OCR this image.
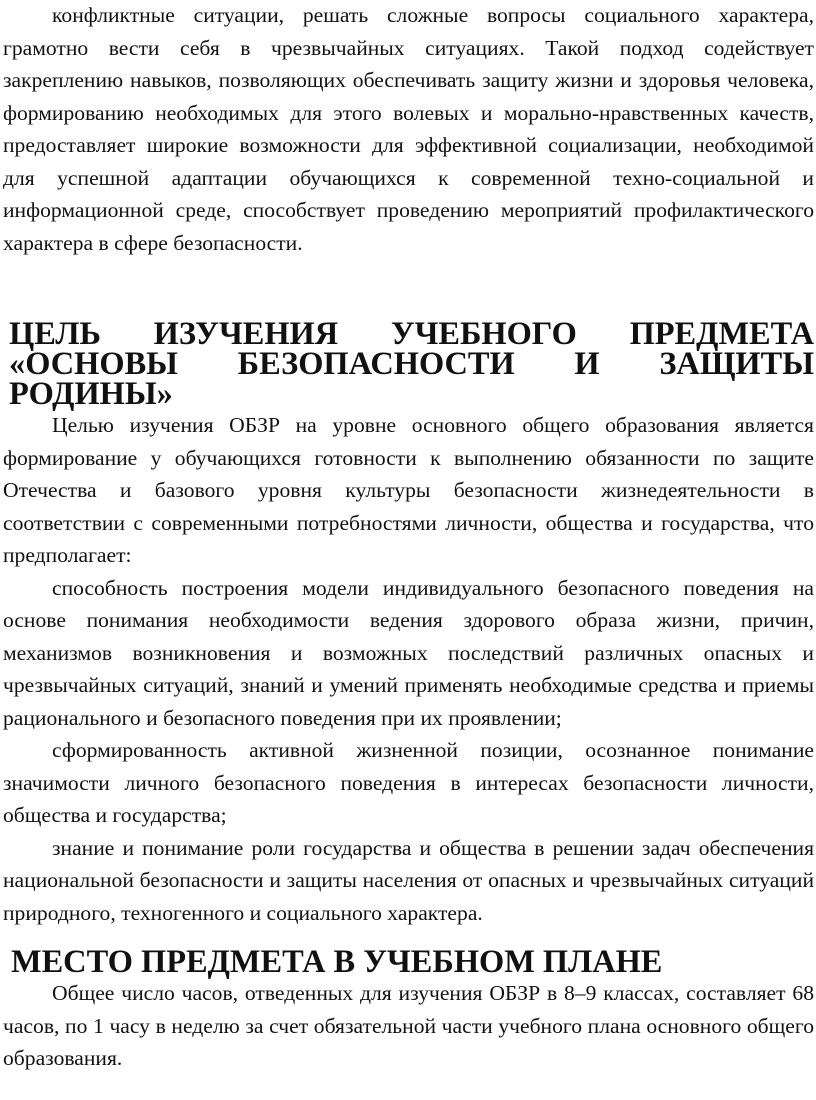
конфликтные ситуации, решать сложные вопросы социального характера, грамотно вести себя в чрезвычайных ситуациях. Такой подход содействует закреплению навыков, позволяющих обеспечивать защиту жизни и здоровья человека, формированию необходимых для этого волевых и морально-нравственных качеств, предоставляет широкие возможности для эффективной социализации, необходимой для успешной адаптации обучающихся к современной техно-социальной и информационной среде, способствует проведению мероприятий профилактического характера в сфере безопасности.

ЦЕЛЬ ИЗУЧЕНИЯ УЧЕБНОГО ПРЕДМЕТА «ОСНОВЫ БЕЗОПАСНОСТИ И ЗАЩИТЫ РОДИНЫ»

Целью изучения ОБЗР на уровне основного общего образования является формирование у обучающихся готовности к выполнению обязанности по защите Отечества и базового уровня культуры безопасности жизнедеятельности в соответствии с современными потребностями личности, общества и государства, что предполагает:

способность построения модели индивидуального безопасного поведения на основе понимания необходимости ведения здорового образа жизни, причин, механизмов возникновения и возможных последствий различных опасных и чрезвычайных ситуаций, знаний и умений применять необходимые средства и приемы рационального и безопасного поведения при их проявлении;

сформированность активной жизненной позиции, осознанное понимание значимости личного безопасного поведения в интересах безопасности личности, общества и государства;

знание и понимание роли государства и общества в решении задач обеспечения национальной безопасности и защиты населения от опасных и чрезвычайных ситуаций природного, техногенного и социального характера.

МЕСТО ПРЕДМЕТА В УЧЕБНОМ ПЛАНЕ

Общее число часов, отведенных для изучения ОБЗР в 8–9 классах, составляет 68 часов, по 1 часу в неделю за счет обязательной части учебного плана основного общего образования.
